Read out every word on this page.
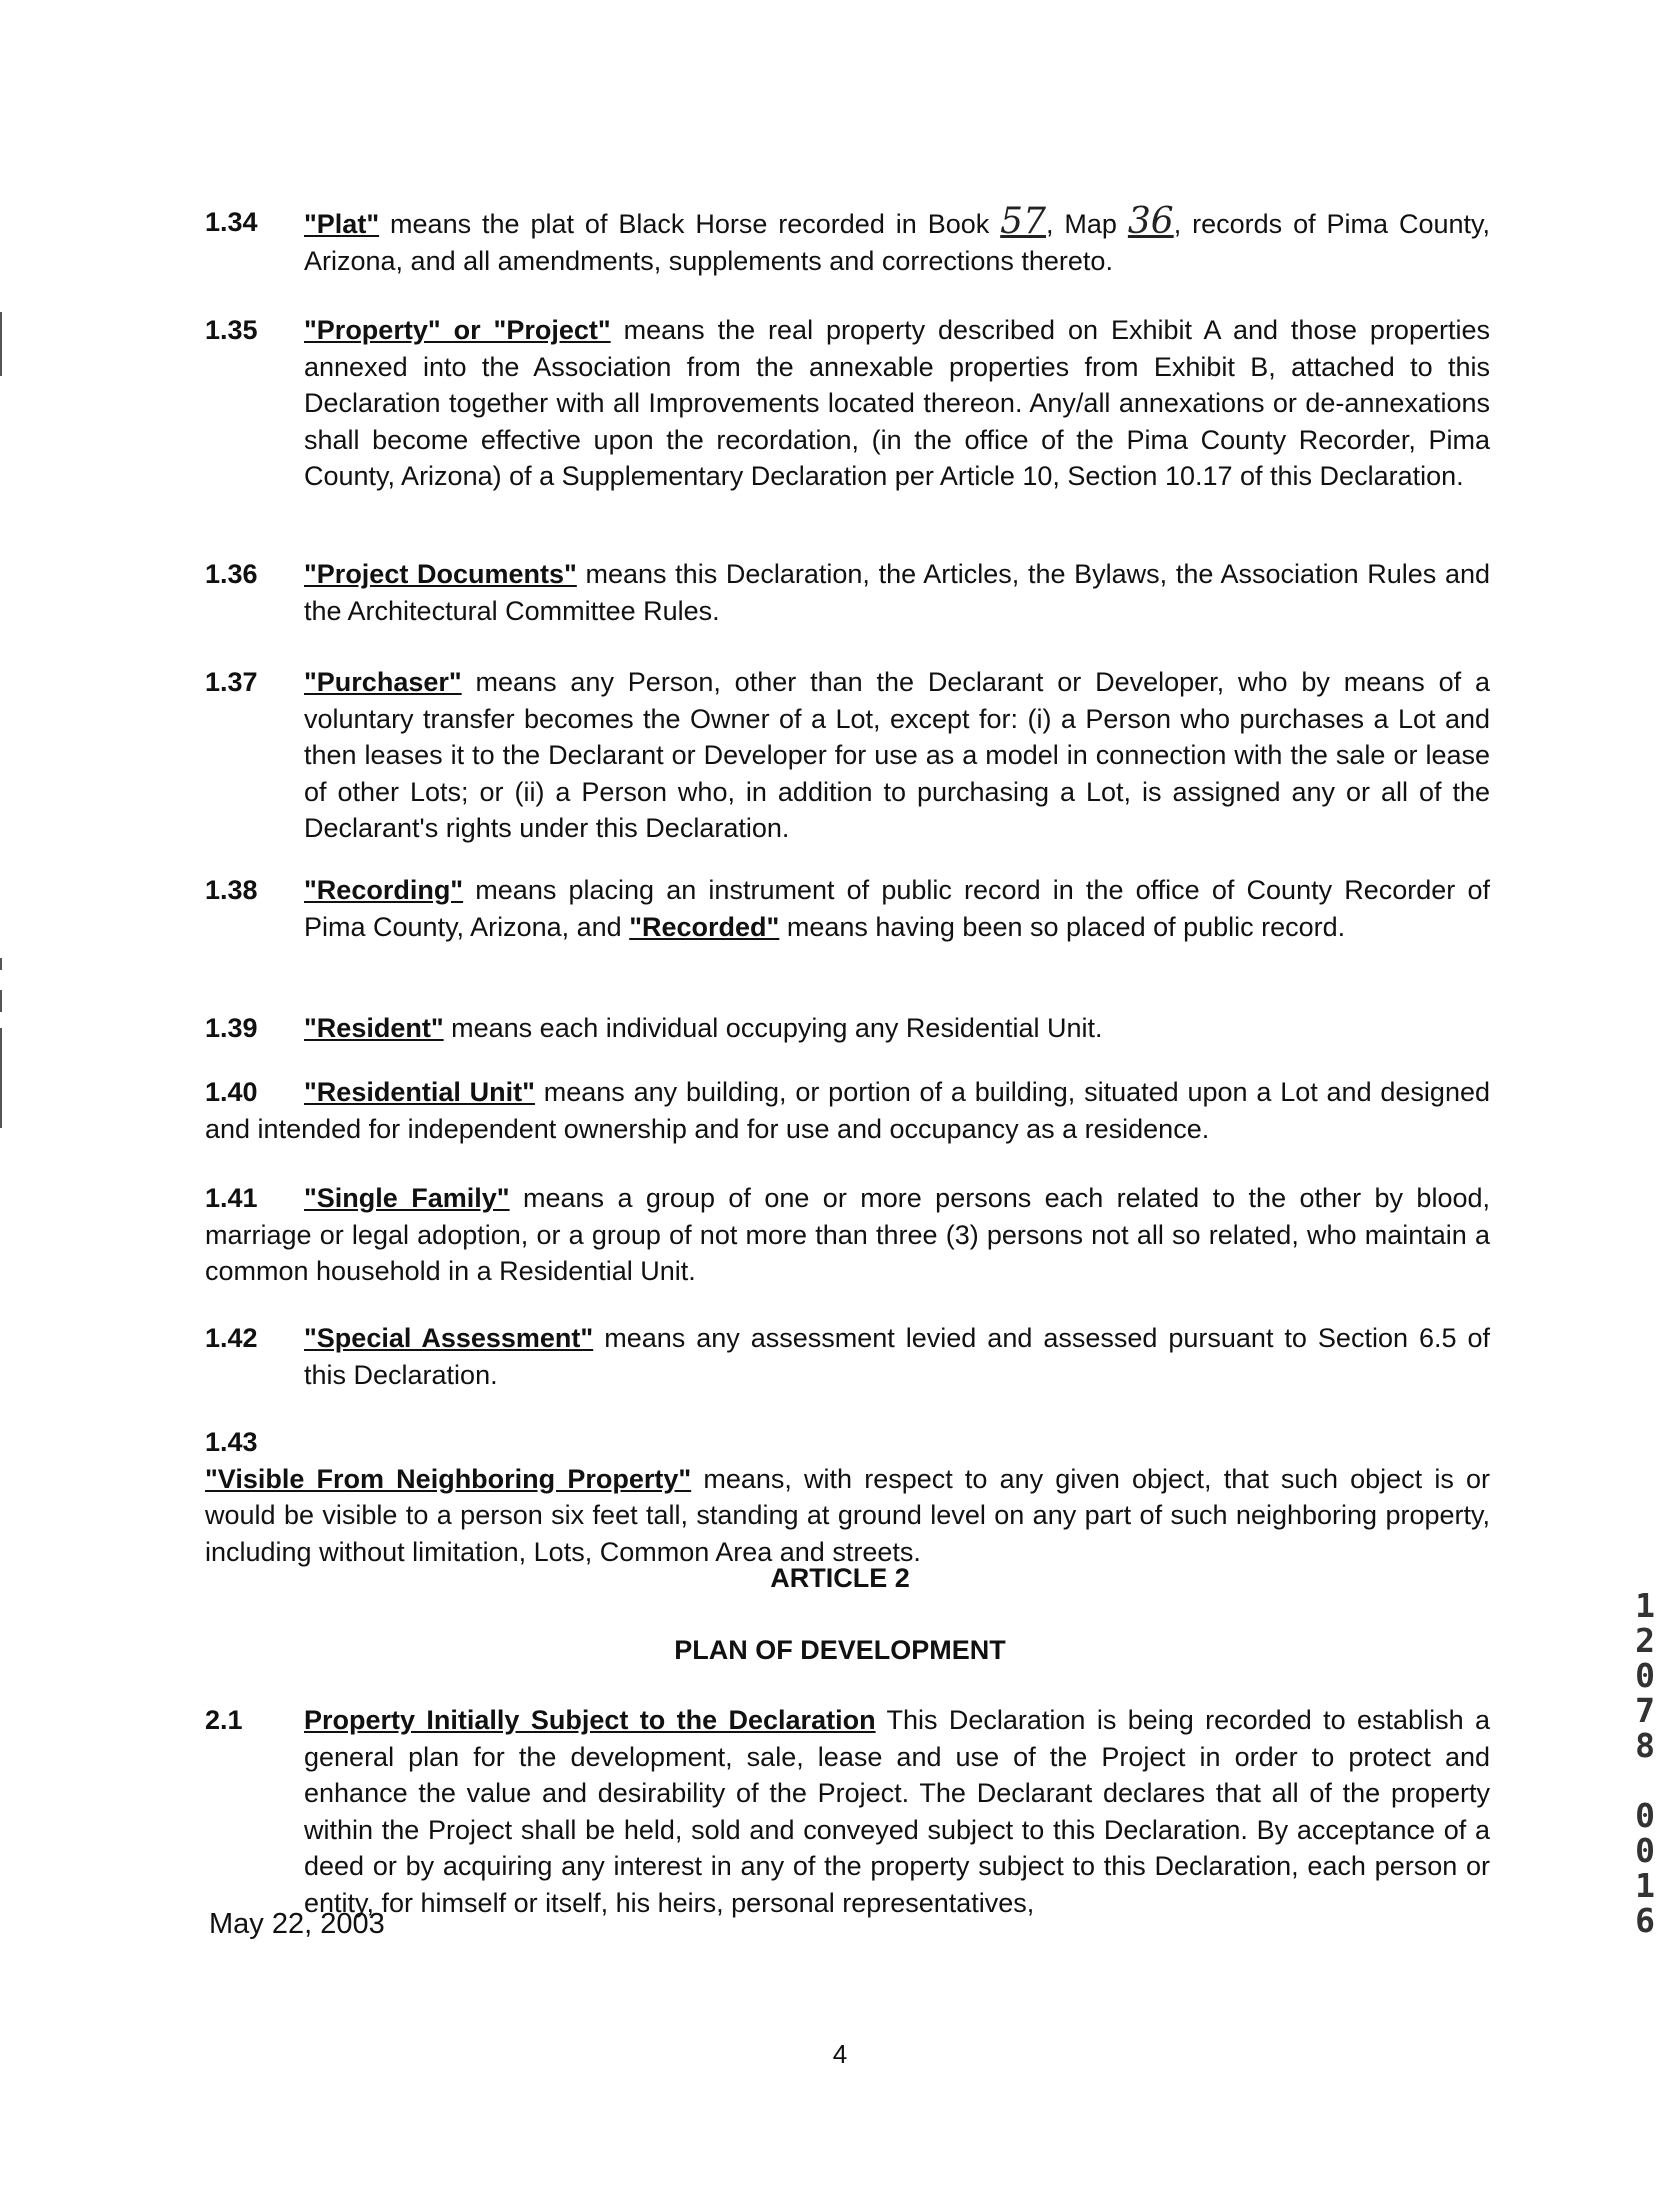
1.34 "Plat" means the plat of Black Horse recorded in Book 57, Map 36, records of Pima County, Arizona, and all amendments, supplements and corrections thereto.
1.35 "Property" or "Project" means the real property described on Exhibit A and those properties annexed into the Association from the annexable properties from Exhibit B, attached to this Declaration together with all Improvements located thereon. Any/all annexations or de-annexations shall become effective upon the recordation, (in the office of the Pima County Recorder, Pima County, Arizona) of a Supplementary Declaration per Article 10, Section 10.17 of this Declaration.
1.36 "Project Documents" means this Declaration, the Articles, the Bylaws, the Association Rules and the Architectural Committee Rules.
1.37 "Purchaser" means any Person, other than the Declarant or Developer, who by means of a voluntary transfer becomes the Owner of a Lot, except for: (i) a Person who purchases a Lot and then leases it to the Declarant or Developer for use as a model in connection with the sale or lease of other Lots; or (ii) a Person who, in addition to purchasing a Lot, is assigned any or all of the Declarant's rights under this Declaration.
1.38 "Recording" means placing an instrument of public record in the office of County Recorder of Pima County, Arizona, and "Recorded" means having been so placed of public record.
1.39 "Resident" means each individual occupying any Residential Unit.
1.40	"Residential Unit" means any building, or portion of a building, situated upon a Lot and designed and intended for independent ownership and for use and occupancy as a residence.
1.41	"Single Family" means a group of one or more persons each related to the other by blood, marriage or legal adoption, or a group of not more than three (3) persons not all so related, who maintain a common household in a Residential Unit.
1.42 "Special Assessment" means any assessment levied and assessed pursuant to Section 6.5 of this Declaration.
1.43

"Visible From Neighboring Property" means, with respect to any given object, that such object is or would be visible to a person six feet tall, standing at ground level on any part of such neighboring property, including without limitation, Lots, Common Area and streets.

ARTICLE 2
PLAN OF DEVELOPMENT
2.1 Property Initially Subject to the Declaration This Declaration is being recorded to establish a general plan for the development, sale, lease and use of the Project in order to protect and enhance the value and desirability of the Project. The Declarant declares that all of the property within the Project shall be held, sold and conveyed subject to this Declaration. By acceptance of a deed or by acquiring any interest in any of the property subject to this Declaration, each person or entity, for himself or itself, his heirs, personal representatives,
May 22, 2003
4
1
2
0
7
8
0
0
1
6
